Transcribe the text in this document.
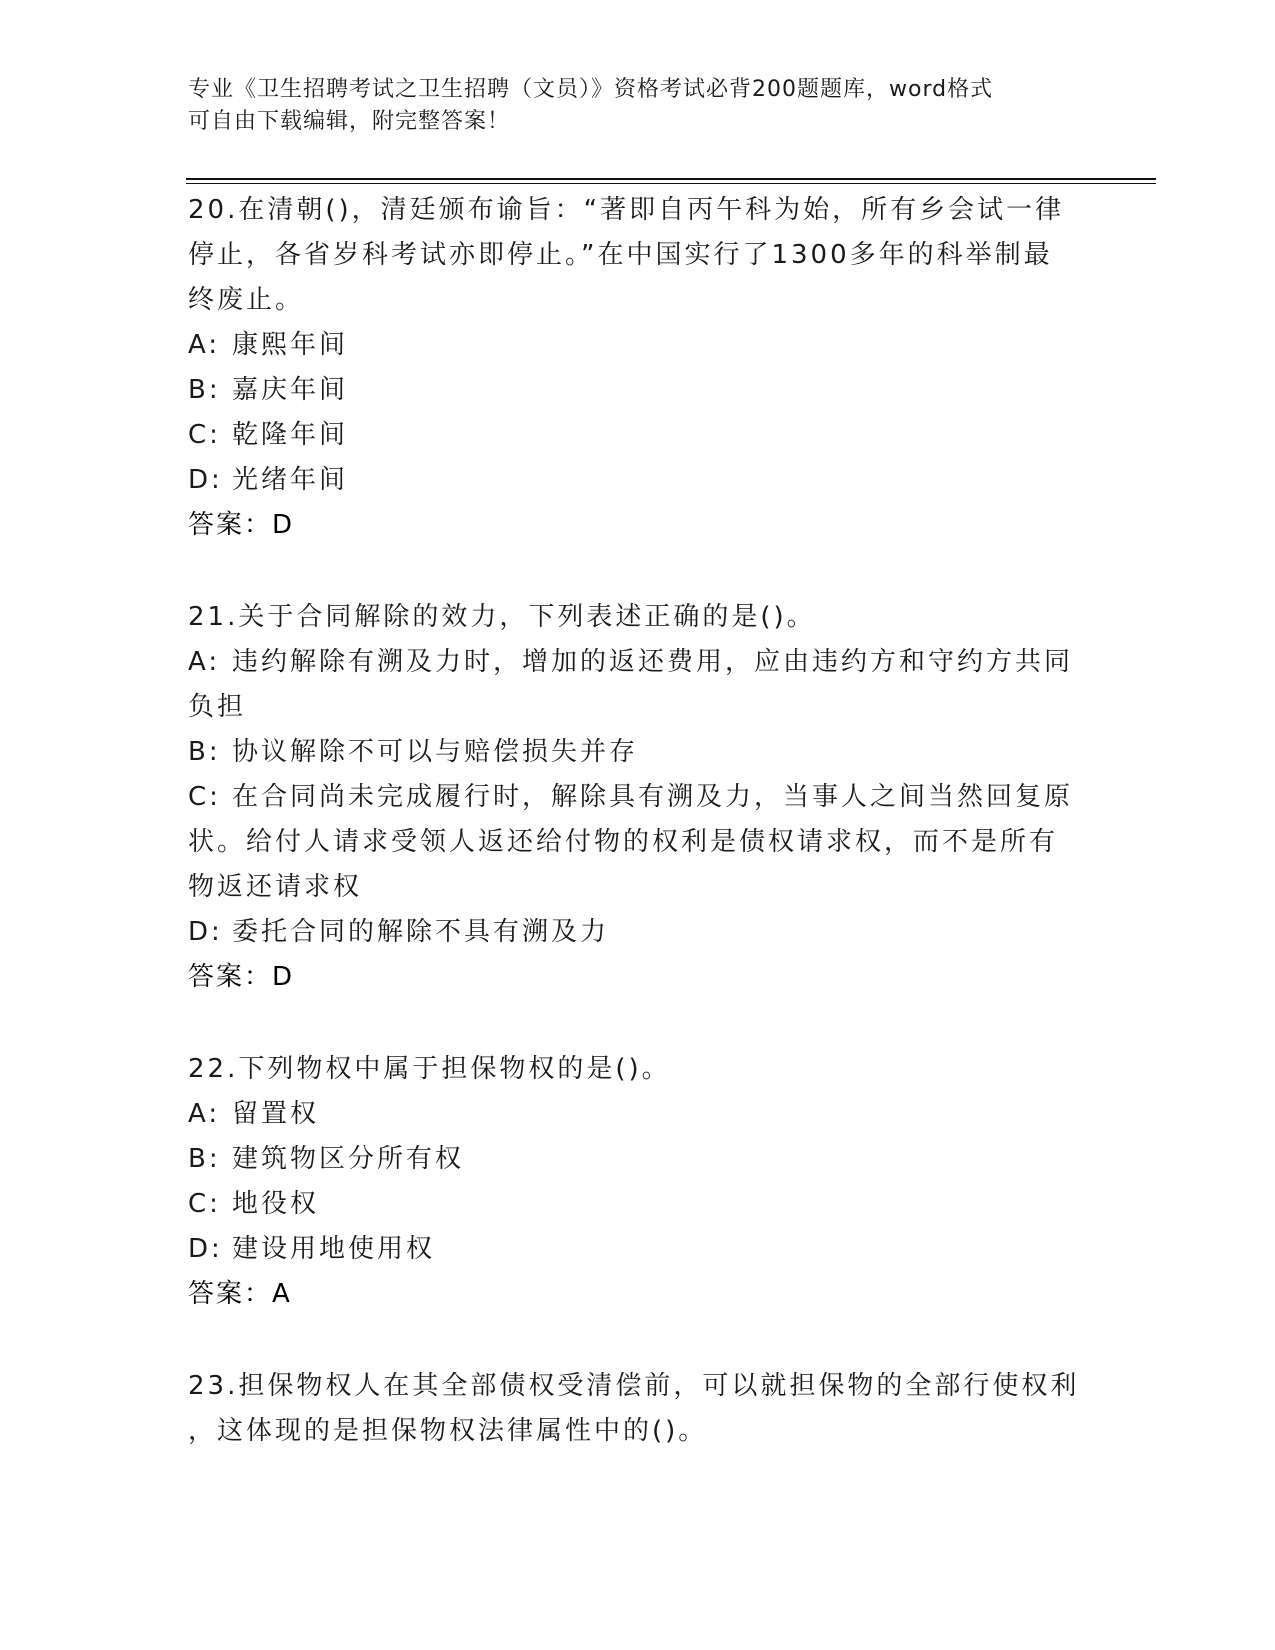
专业《卫生招聘考试之卫生招聘（文员）》资格考试必背200题题库，word格式
可自由下载编辑，附完整答案！
20.在清朝()，清廷颁布谕旨：“著即自丙午科为始，所有乡会试一律
停止，各省岁科考试亦即停止。”在中国实行了1300多年的科举制最
终废止。
A: 康熙年间
B: 嘉庆年间
C: 乾隆年间
D: 光绪年间
答案：D
21.关于合同解除的效力，下列表述正确的是()。
A: 违约解除有溯及力时，增加的返还费用，应由违约方和守约方共同
负担
B: 协议解除不可以与赔偿损失并存
C: 在合同尚未完成履行时，解除具有溯及力，当事人之间当然回复原
状。给付人请求受领人返还给付物的权利是债权请求权，而不是所有
物返还请求权
D: 委托合同的解除不具有溯及力
答案：D
22.下列物权中属于担保物权的是()。
A: 留置权
B: 建筑物区分所有权
C: 地役权
D: 建设用地使用权
答案：A
23.担保物权人在其全部债权受清偿前，可以就担保物的全部行使权利
，这体现的是担保物权法律属性中的()。
